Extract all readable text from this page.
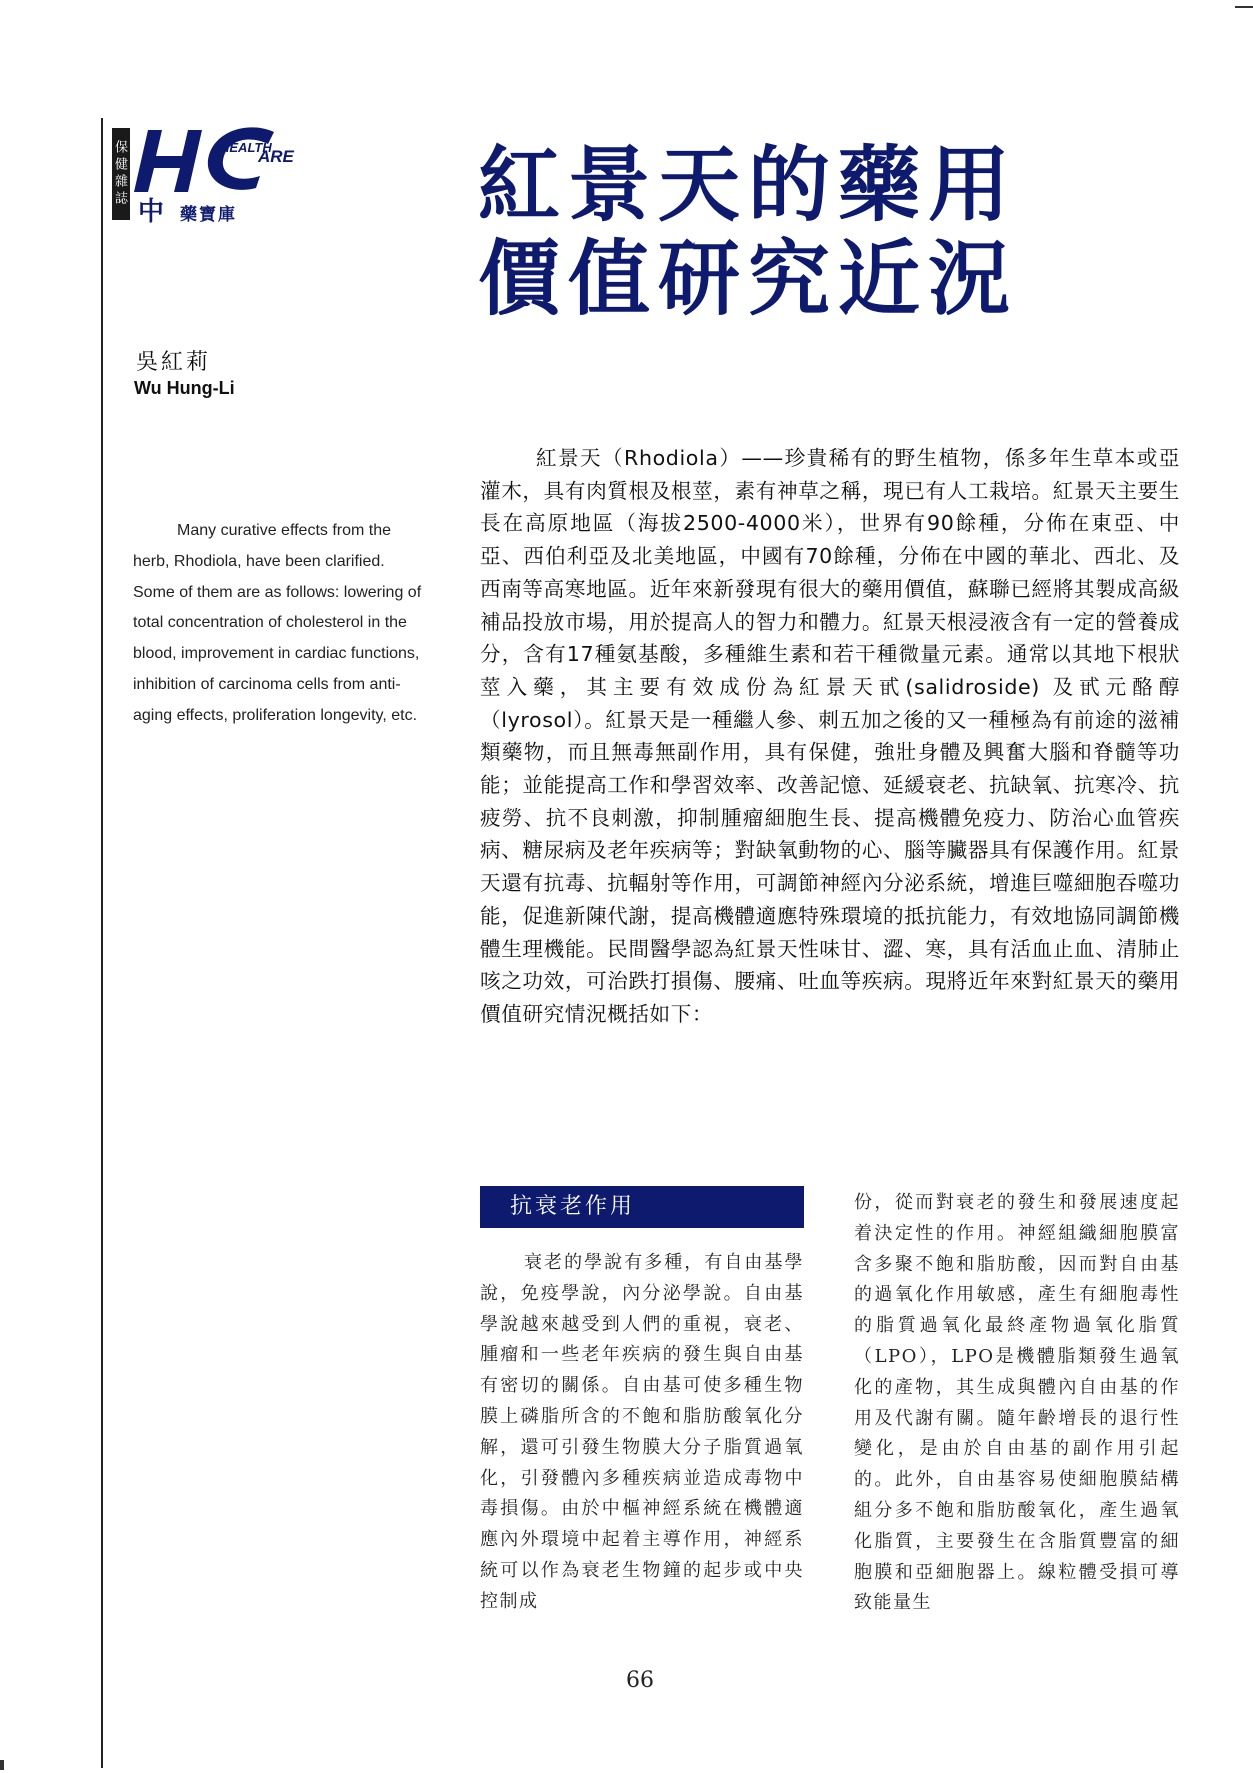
保健雜誌	HEALTH
ARE
中 藥寶庫	紅景天的藥用
價值研究近況
吳紅莉
Wu Hung-Li
Many curative effects from the herb, Rhodiola, have been clarified. Some of them are as follows: lowering of total concentration of cholesterol in the blood, improvement in cardiac functions, inhibition of carcinoma cells from anti-aging effects, proliferation longevity, etc.
紅景天（Rhodiola）——珍貴稀有的野生植物，係多年生草本或亞灌木，具有肉質根及根莖，素有神草之稱，現已有人工栽培。紅景天主要生長在高原地區（海拔2500-4000米），世界有90餘種，分佈在東亞、中亞、西伯利亞及北美地區，中國有70餘種，分佈在中國的華北、西北、及西南等高寒地區。近年來新發現有很大的藥用價值，蘇聯已經將其製成高級補品投放市場，用於提高人的智力和體力。紅景天根浸液含有一定的營養成分，含有17種氨基酸，多種維生素和若干種微量元素。通常以其地下根狀莖入藥，其主要有效成份為紅景天甙(salidroside) 及甙元酪醇（lyrosol）。紅景天是一種繼人參、刺五加之後的又一種極為有前途的滋補類藥物，而且無毒無副作用，具有保健，強壯身體及興奮大腦和脊髓等功能；並能提高工作和學習效率、改善記憶、延緩衰老、抗缺氧、抗寒冷、抗疲勞、抗不良刺激，抑制腫瘤細胞生長、提高機體免疫力、防治心血管疾病、糖尿病及老年疾病等；對缺氧動物的心、腦等臟器具有保護作用。紅景天還有抗毒、抗輻射等作用，可調節神經內分泌系統，增進巨噬細胞吞噬功能，促進新陳代謝，提高機體適應特殊環境的抵抗能力，有效地協同調節機體生理機能。民間醫學認為紅景天性味甘、澀、寒，具有活血止血、清肺止咳之功效，可治跌打損傷、腰痛、吐血等疾病。現將近年來對紅景天的藥用價值研究情況概括如下：
抗衰老作用
衰老的學說有多種，有自由基學說，免疫學說，內分泌學說。自由基學說越來越受到人們的重視，衰老、腫瘤和一些老年疾病的發生與自由基有密切的關係。自由基可使多種生物膜上磷脂所含的不飽和脂肪酸氧化分解，還可引發生物膜大分子脂質過氧化，引發體內多種疾病並造成毒物中毒損傷。由於中樞神經系統在機體適應內外環境中起着主導作用，神經系統可以作為衰老生物鐘的起步或中央控制成
份，從而對衰老的發生和發展速度起着決定性的作用。神經組織細胞膜富含多聚不飽和脂肪酸，因而對自由基的過氧化作用敏感，產生有細胞毒性的脂質過氧化最終產物過氧化脂質（LPO），LPO是機體脂類發生過氧化的產物，其生成與體內自由基的作用及代謝有關。隨年齡增長的退行性變化，是由於自由基的副作用引起的。此外，自由基容易使細胞膜結構組分多不飽和脂肪酸氧化，產生過氧化脂質，主要發生在含脂質豐富的細胞膜和亞細胞器上。線粒體受損可導致能量生
66
